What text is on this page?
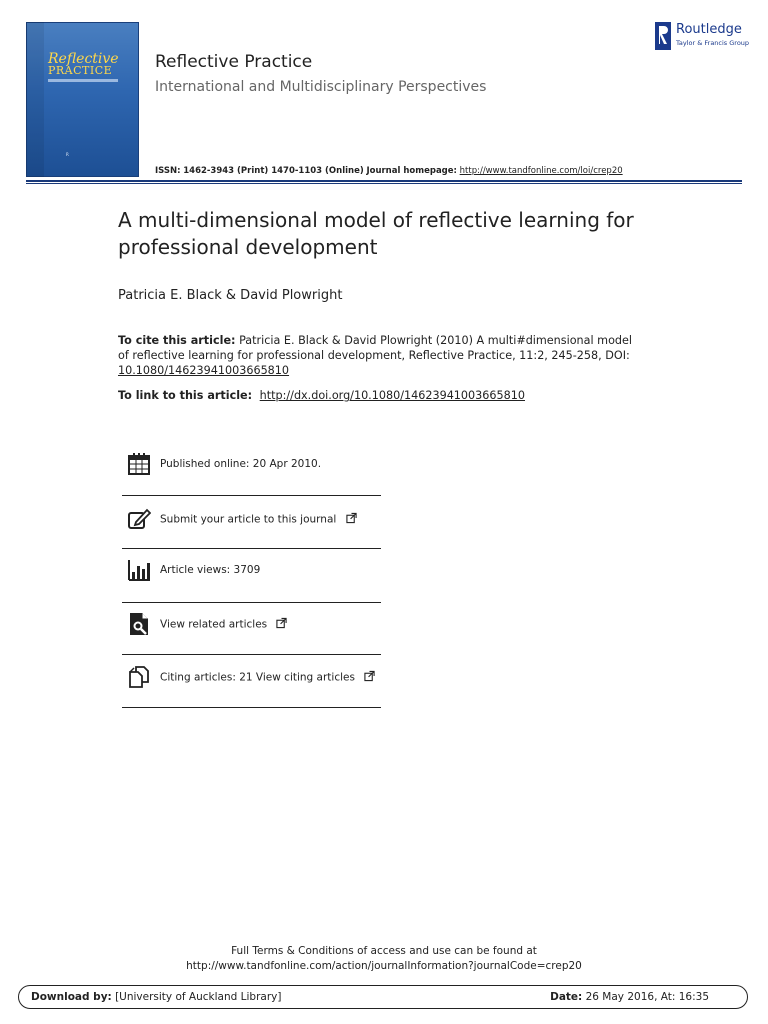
Reflective
PRACTICE
R
Reflective Practice
International and Multidisciplinary Perspectives
Routledge
Taylor & Francis Group
ISSN: 1462-3943 (Print) 1470-1103 (Online) Journal homepage: http://www.tandfonline.com/loi/crep20
A multi-dimensional model of reflective learning for professional development
Patricia E. Black & David Plowright
To cite this article: Patricia E. Black & David Plowright (2010) A multi#dimensional model of reflective learning for professional development, Reflective Practice, 11:2, 245-258, DOI: 10.1080/14623941003665810
To link to this article: http://dx.doi.org/10.1080/14623941003665810
Published online: 20 Apr 2010.
Submit your article to this journal
Article views: 3709
View related articles
Citing articles: 21 View citing articles
Full Terms & Conditions of access and use can be found at
http://www.tandfonline.com/action/journalInformation?journalCode=crep20
Download by: [University of Auckland Library]	Date: 26 May 2016, At: 16:35
